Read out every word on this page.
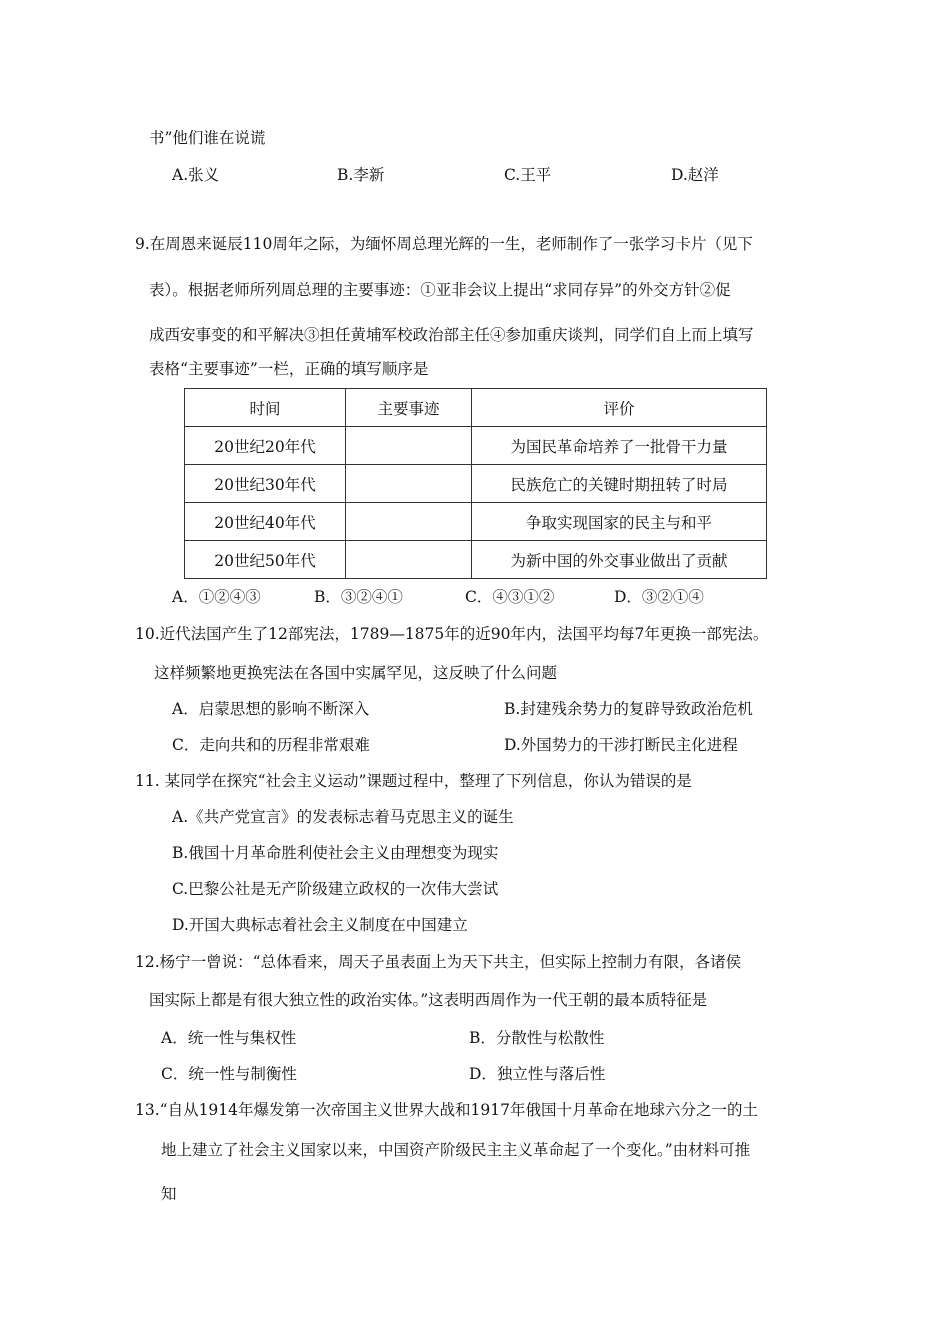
书”他们谁在说谎
A.张义	B.李新	C.王平	D.赵洋
9.在周恩来诞辰110周年之际，为缅怀周总理光辉的一生，老师制作了一张学习卡片（见下
表）。根据老师所列周总理的主要事迹：①亚非会议上提出“求同存异”的外交方针②促
成西安事变的和平解决③担任黄埔军校政治部主任④参加重庆谈判，同学们自上而上填写
表格“主要事迹”一栏，正确的填写顺序是
时间	主要事迹	评价
20世纪20年代		为国民革命培养了一批骨干力量
20世纪30年代		民族危亡的关键时期扭转了时局
20世纪40年代		争取实现国家的民主与和平
20世纪50年代		为新中国的外交事业做出了贡献
A．①②④③	B．③②④①	C．④③①②	D．③②①④
10.近代法国产生了12部宪法，1789—1875年的近90年内，法国平均每7年更换一部宪法。
这样频繁地更换宪法在各国中实属罕见，这反映了什么问题
A．启蒙思想的影响不断深入	B.封建残余势力的复辟导致政治危机
C．走向共和的历程非常艰难	D.外国势力的干涉打断民主化进程
11. 某同学在探究“社会主义运动”课题过程中，整理了下列信息，你认为错误的是
A.《共产党宣言》的发表标志着马克思主义的诞生
B.俄国十月革命胜利使社会主义由理想变为现实
C.巴黎公社是无产阶级建立政权的一次伟大尝试
D.开国大典标志着社会主义制度在中国建立
12.杨宁一曾说：“总体看来，周天子虽表面上为天下共主，但实际上控制力有限，各诸侯
国实际上都是有很大独立性的政治实体。”这表明西周作为一代王朝的最本质特征是
A．统一性与集权性	B．分散性与松散性
C．统一性与制衡性	D．独立性与落后性
13.“自从1914年爆发第一次帝国主义世界大战和1917年俄国十月革命在地球六分之一的土
地上建立了社会主义国家以来，中国资产阶级民主主义革命起了一个变化。”由材料可推
知
